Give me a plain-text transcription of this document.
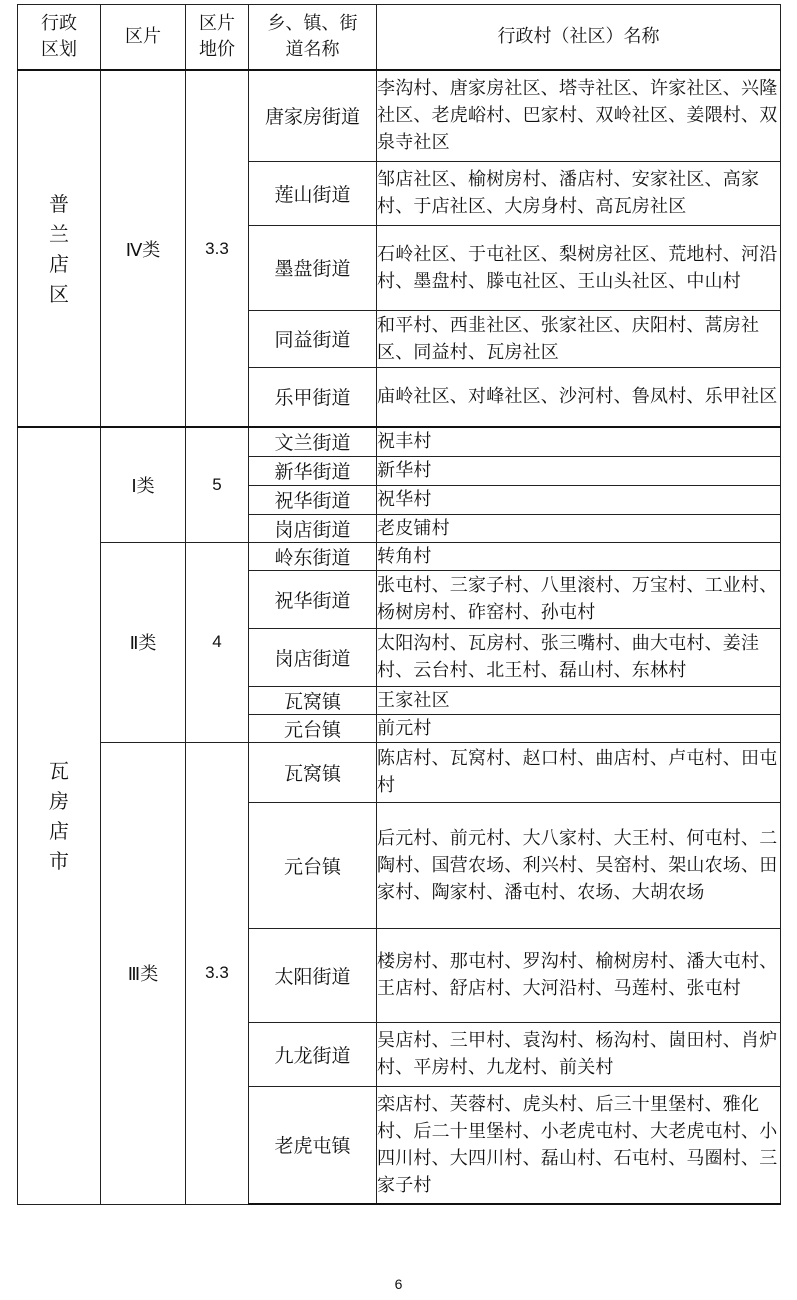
行政区划	区片	区片地价	乡、镇、街道名称	行政村（社区）名称
普兰店区	Ⅳ类	3.3	唐家房街道	李沟村、唐家房社区、塔寺社区、许家社区、兴隆社区、老虎峪村、巴家村、双岭社区、姜隈村、双泉寺社区
			莲山街道	邹店社区、榆树房村、潘店村、安家社区、高家村、于店社区、大房身村、高瓦房社区
			墨盘街道	石岭社区、于屯社区、梨树房社区、荒地村、河沿村、墨盘村、滕屯社区、王山头社区、中山村
			同益街道	和平村、西韭社区、张家社区、庆阳村、蒿房社区、同益村、瓦房社区
			乐甲街道	庙岭社区、对峰社区、沙河村、鲁凤村、乐甲社区
瓦房店市	Ⅰ类	5	文兰街道	祝丰村
			新华街道	新华村
			祝华街道	祝华村
			岗店街道	老皮铺村
	Ⅱ类	4	岭东街道	转角村
			祝华街道	张屯村、三家子村、八里滚村、万宝村、工业村、杨树房村、砟窑村、孙屯村
			岗店街道	太阳沟村、瓦房村、张三嘴村、曲大屯村、姜洼村、云台村、北王村、磊山村、东林村
			瓦窝镇	王家社区
			元台镇	前元村
	Ⅲ类	3.3	瓦窝镇	陈店村、瓦窝村、赵口村、曲店村、卢屯村、田屯村
			元台镇	后元村、前元村、大八家村、大王村、何屯村、二陶村、国营农场、利兴村、吴窑村、架山农场、田家村、陶家村、潘屯村、农场、大胡农场
			太阳街道	楼房村、那屯村、罗沟村、榆树房村、潘大屯村、王店村、舒店村、大河沿村、马莲村、张屯村
			九龙街道	吴店村、三甲村、袁沟村、杨沟村、崮田村、肖炉村、平房村、九龙村、前关村
			老虎屯镇	栾店村、芙蓉村、虎头村、后三十里堡村、雅化村、后二十里堡村、小老虎屯村、大老虎屯村、小四川村、大四川村、磊山村、石屯村、马圈村、三家子村
6
